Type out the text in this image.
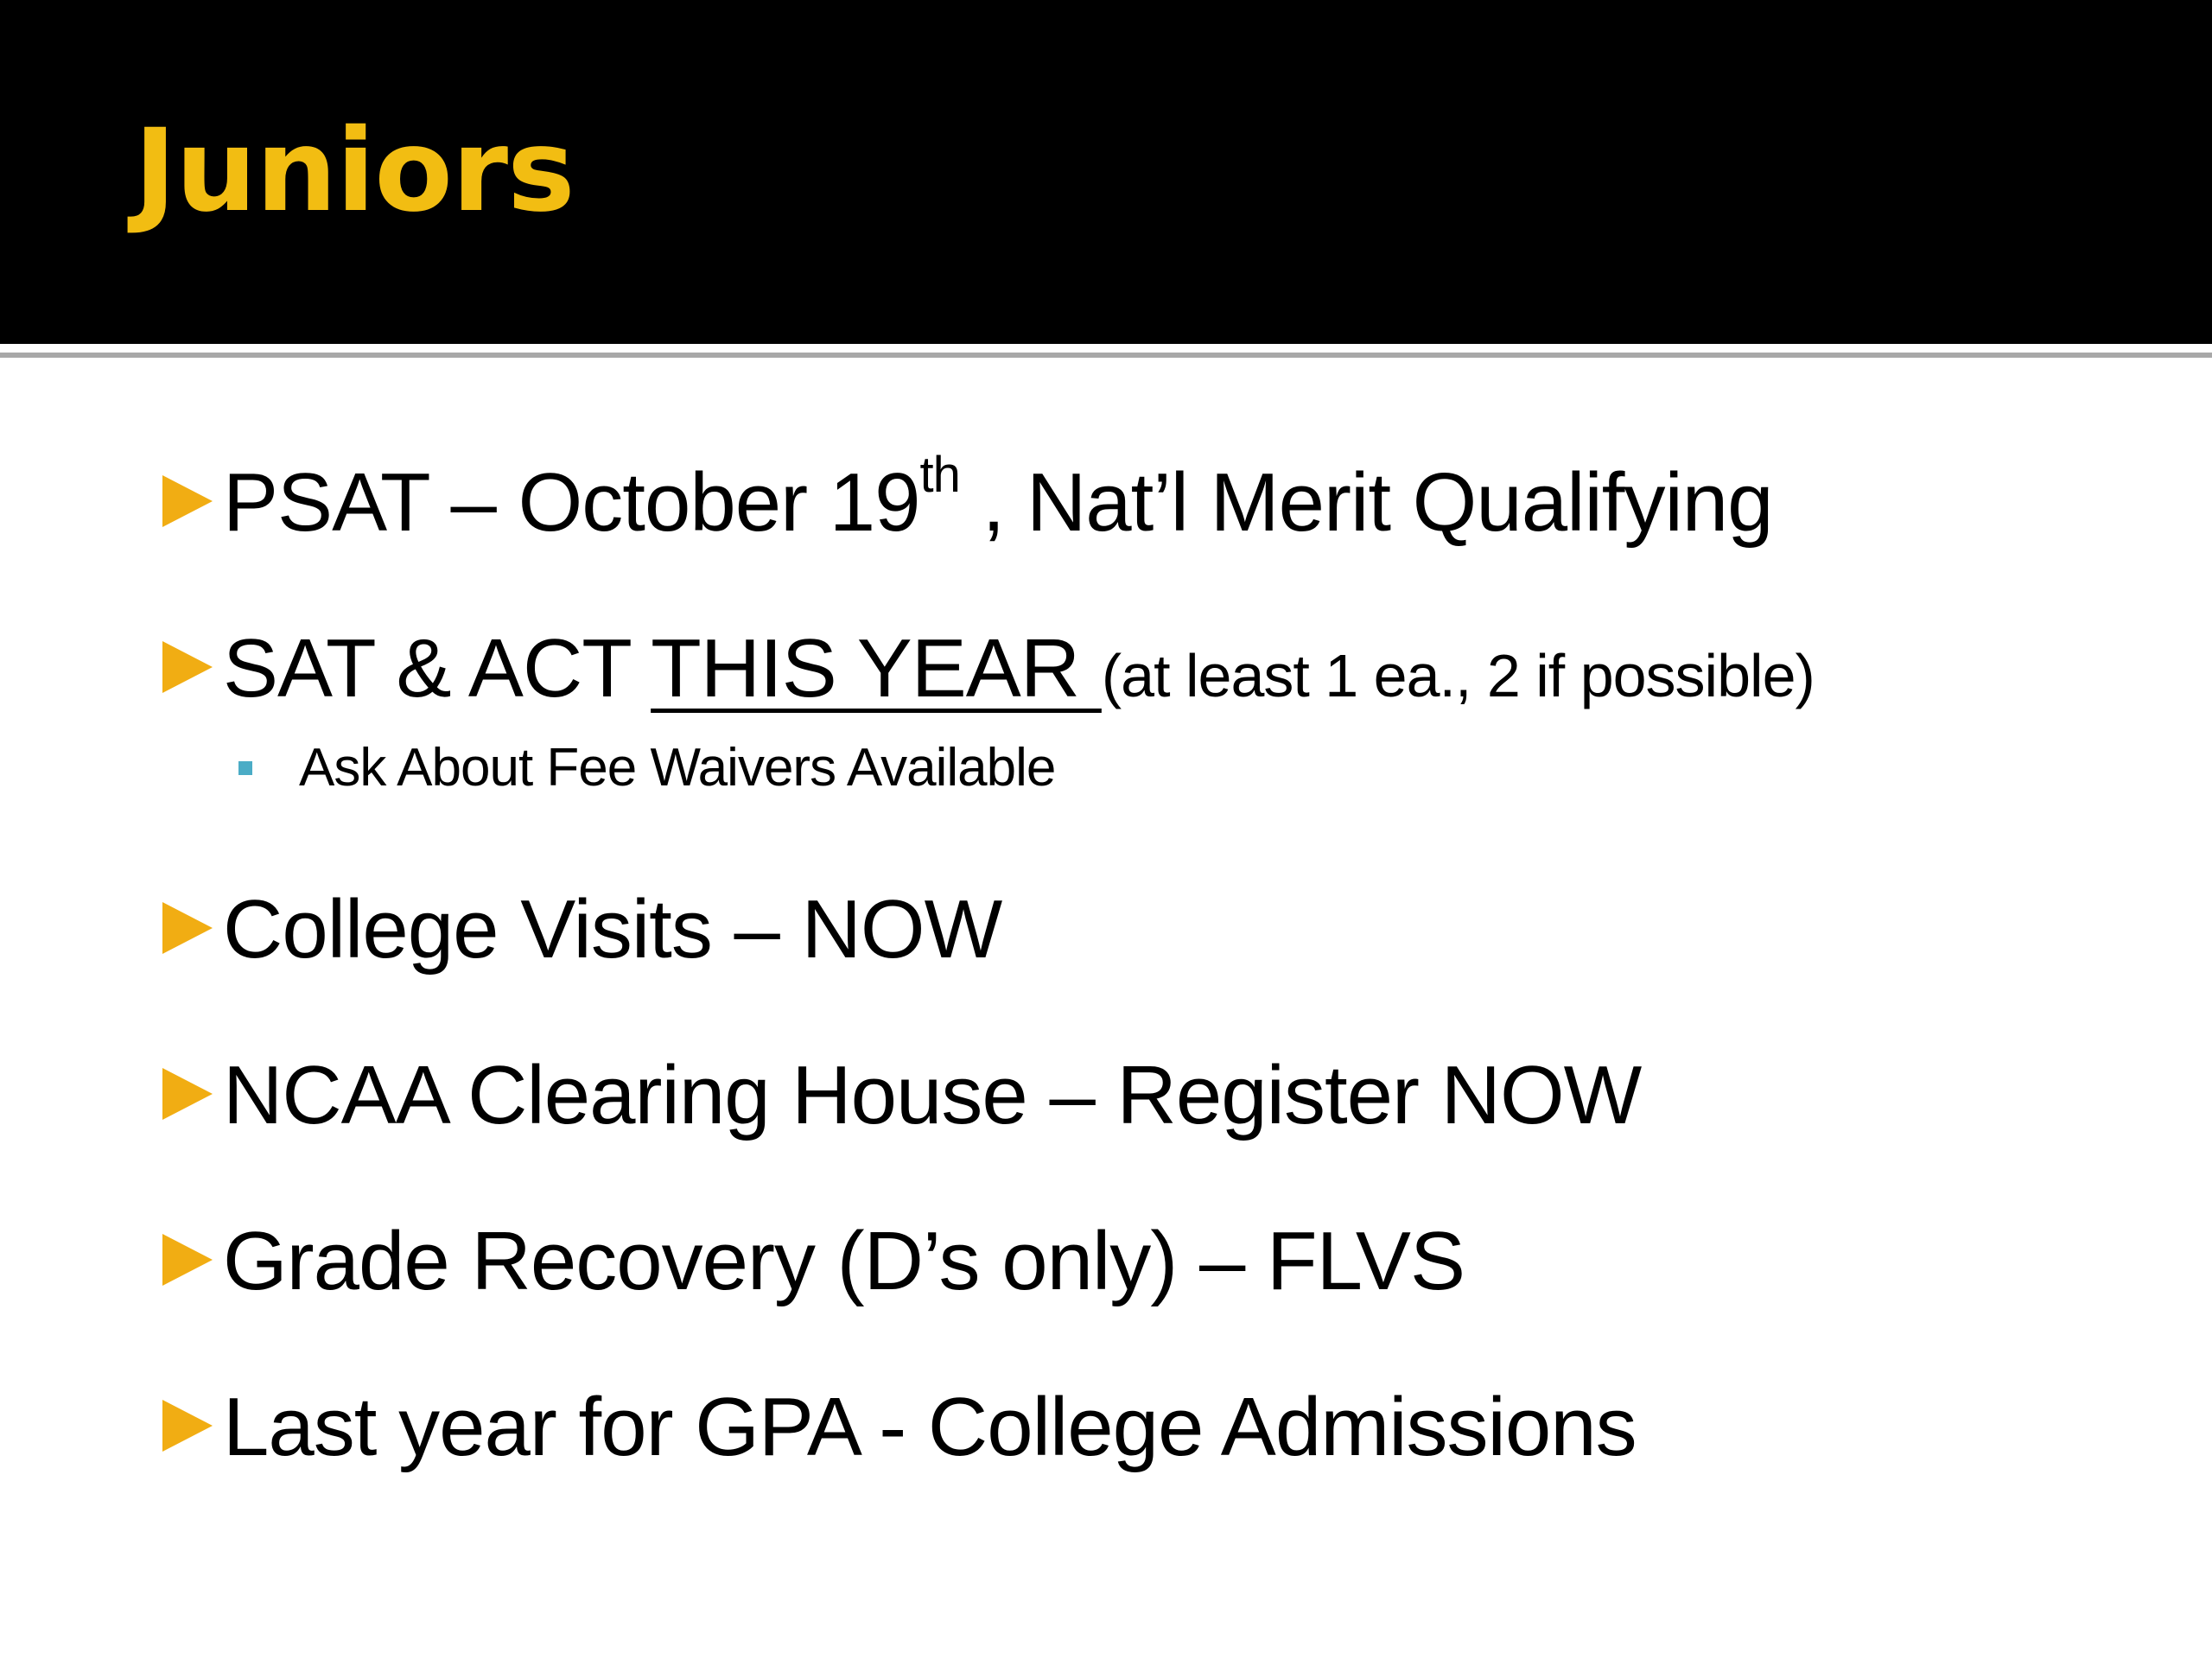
Juniors
PSAT – October 19th , Nat’l Merit Qualifying
SAT & ACT THIS YEAR (at least 1 ea., 2 if possible)
Ask About Fee Waivers Available
College Visits – NOW
NCAA Clearing House – Register NOW
Grade Recovery (D’s only) – FLVS
Last year for GPA - College Admissions
